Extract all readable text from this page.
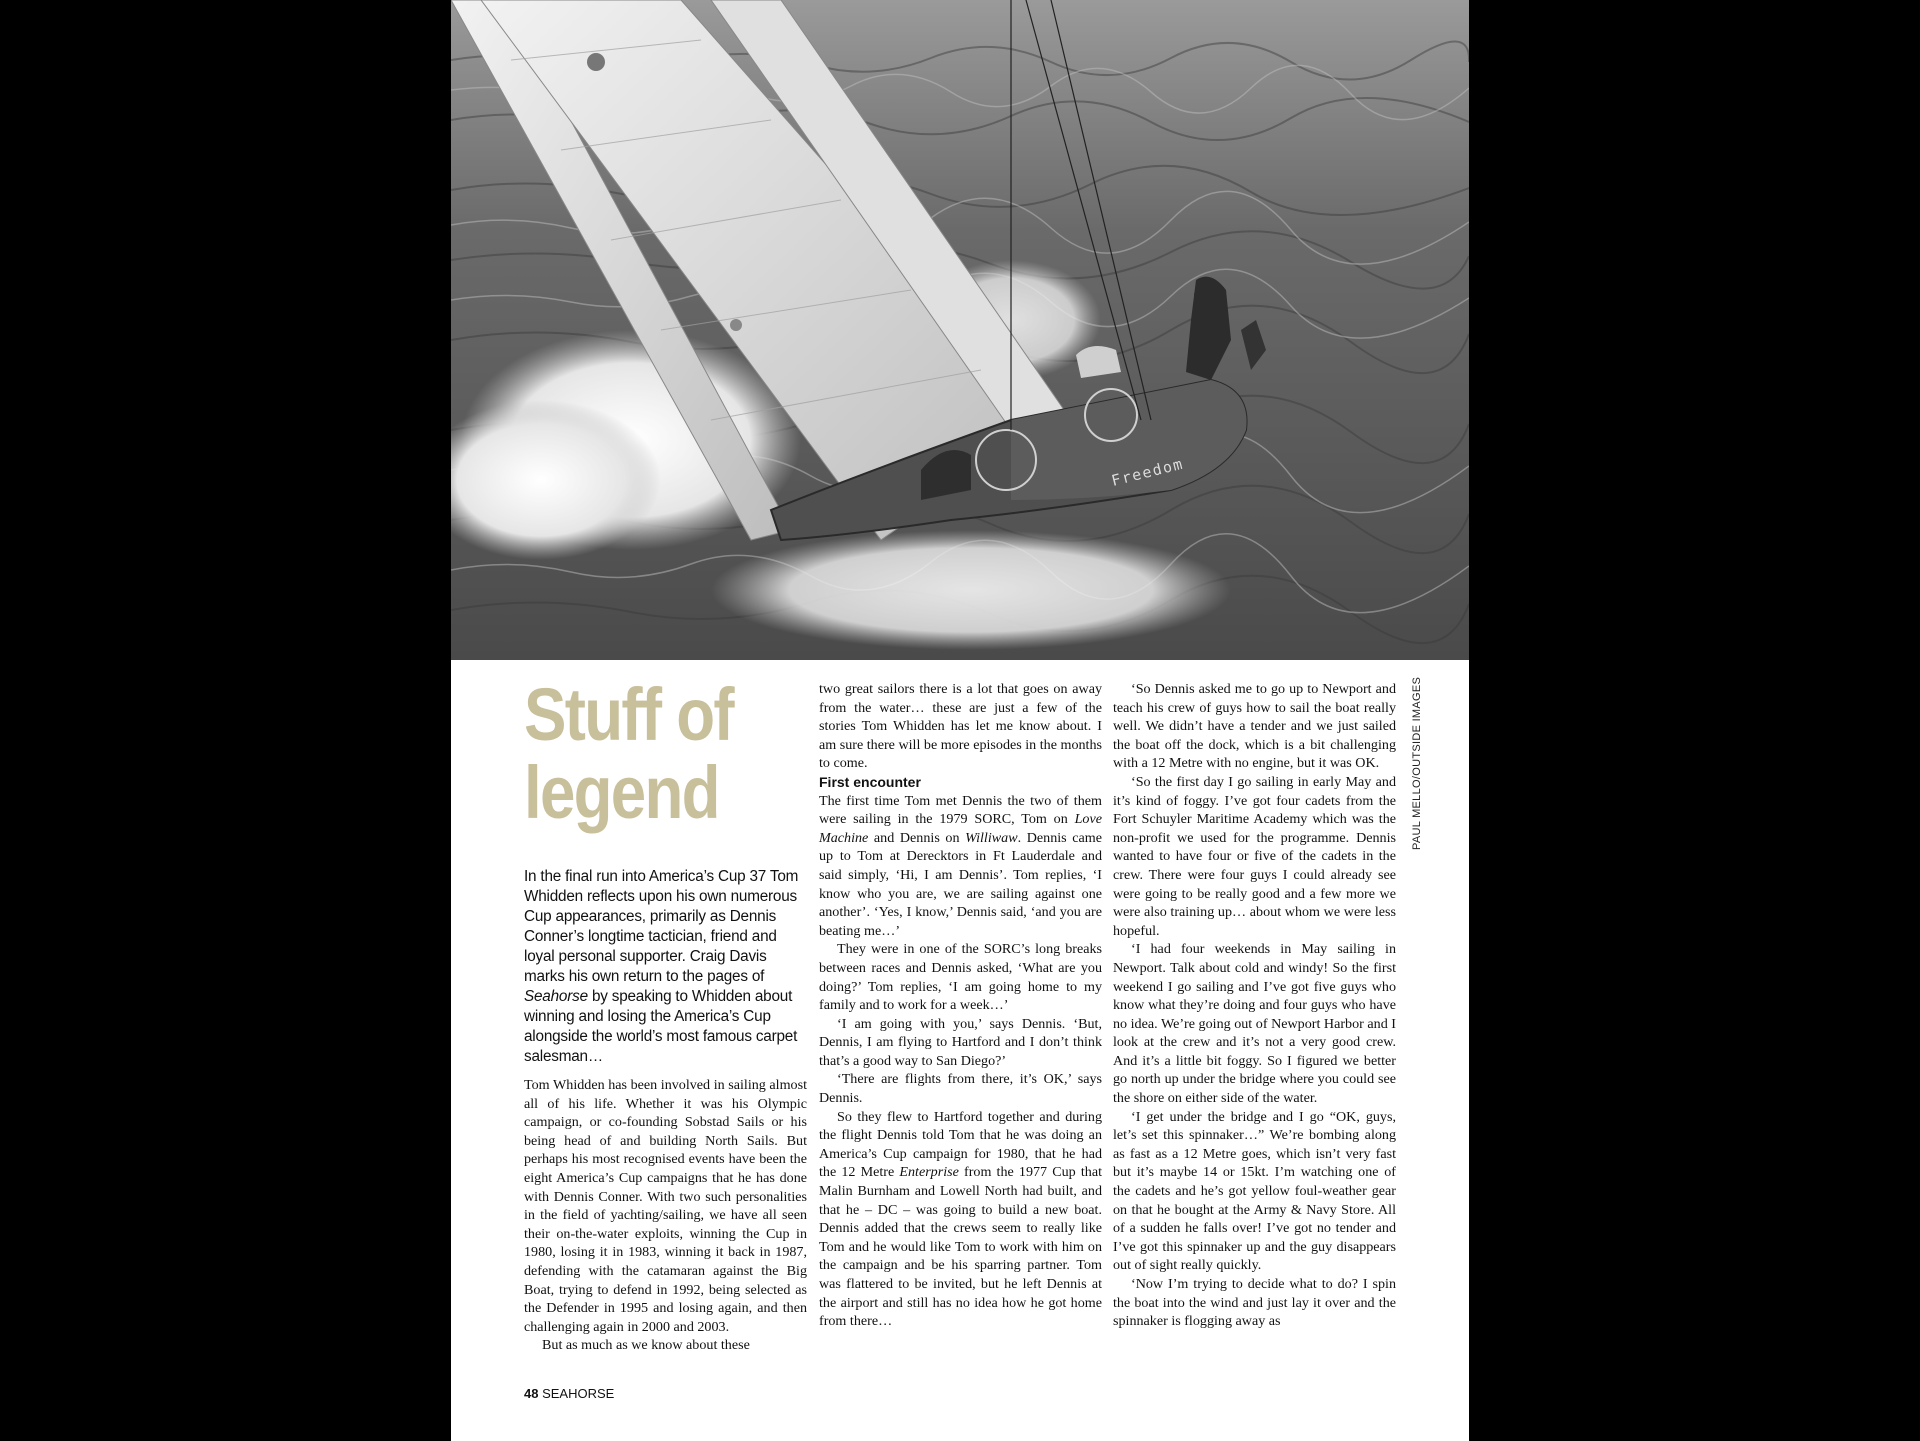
Freedom
PAUL MELLO/OUTSIDE IMAGES
Stuff of
legend
In the final run into America’s Cup 37 Tom Whidden reflects upon his own numerous Cup appearances, primarily as Dennis Conner’s longtime tactician, friend and loyal personal supporter. Craig Davis marks his own return to the pages of Seahorse by speaking to Whidden about winning and losing the America’s Cup alongside the world’s most famous carpet salesman…

Tom Whidden has been involved in sailing almost all of his life. Whether it was his Olympic campaign, or co-founding Sobstad Sails or his being head of and building North Sails. But perhaps his most recognised events have been the eight America’s Cup campaigns that he has done with Dennis Conner. With two such personalities in the field of yachting/sailing, we have all seen their on-the-water exploits, winning the Cup in 1980, losing it in 1983, winning it back in 1987, defending with the catamaran against the Big Boat, trying to defend in 1992, being selected as the Defender in 1995 and losing again, and then challenging again in 2000 and 2003.

But as much as we know about these

two great sailors there is a lot that goes on away from the water… these are just a few of the stories Tom Whidden has let me know about. I am sure there will be more episodes in the months to come.

First encounter

The first time Tom met Dennis the two of them were sailing in the 1979 SORC, Tom on Love Machine and Dennis on Williwaw. Dennis came up to Tom at Derecktors in Ft Lauderdale and said simply, ‘Hi, I am Dennis’. Tom replies, ‘I know who you are, we are sailing against one another’. ‘Yes, I know,’ Dennis said, ‘and you are beating me…’

They were in one of the SORC’s long breaks between races and Dennis asked, ‘What are you doing?’ Tom replies, ‘I am going home to my family and to work for a week…’

‘I am going with you,’ says Dennis. ‘But, Dennis, I am flying to Hartford and I don’t think that’s a good way to San Diego?’

‘There are flights from there, it’s OK,’ says Dennis.

So they flew to Hartford together and during the flight Dennis told Tom that he was doing an America’s Cup campaign for 1980, that he had the 12 Metre Enterprise from the 1977 Cup that Malin Burnham and Lowell North had built, and that he – DC – was going to build a new boat. Dennis added that the crews seem to really like Tom and he would like Tom to work with him on the campaign and be his sparring partner. Tom was flattered to be invited, but he left Dennis at the airport and still has no idea how he got home from there…

‘So Dennis asked me to go up to Newport and teach his crew of guys how to sail the boat really well. We didn’t have a tender and we just sailed the boat off the dock, which is a bit challenging with a 12 Metre with no engine, but it was OK.

‘So the first day I go sailing in early May and it’s kind of foggy. I’ve got four cadets from the Fort Schuyler Maritime Academy which was the non-profit we used for the programme. Dennis wanted to have four or five of the cadets in the crew. There were four guys I could already see were going to be really good and a few more we were also training up… about whom we were less hopeful.

‘I had four weekends in May sailing in Newport. Talk about cold and windy! So the first weekend I go sailing and I’ve got five guys who know what they’re doing and four guys who have no idea. We’re going out of Newport Harbor and I look at the crew and it’s not a very good crew. And it’s a little bit foggy. So I figured we better go north up under the bridge where you could see the shore on either side of the water.

‘I get under the bridge and I go “OK, guys, let’s set this spinnaker…” We’re bombing along as fast as a 12 Metre goes, which isn’t very fast but it’s maybe 14 or 15kt. I’m watching one of the cadets and he’s got yellow foul-weather gear on that he bought at the Army & Navy Store. All of a sudden he falls over! I’ve got no tender and I’ve got this spinnaker up and the guy disappears out of sight really quickly.

‘Now I’m trying to decide what to do? I spin the boat into the wind and just lay it over and the spinnaker is flogging away as

48 SEAHORSE
